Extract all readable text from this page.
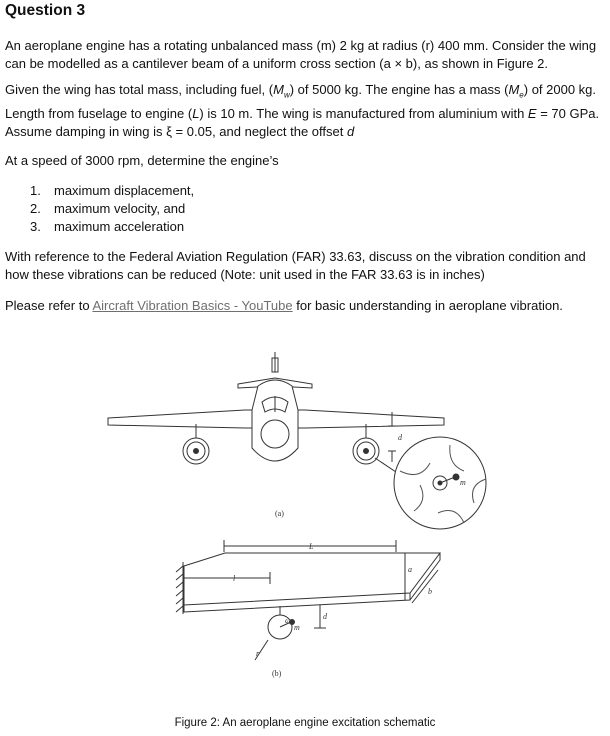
Question 3

An aeroplane engine has a rotating unbalanced mass (m) 2 kg at radius (r) 400 mm. Consider the wing can be modelled as a cantilever beam of a uniform cross section (a × b), as shown in Figure 2.

Given the wing has total mass, including fuel, $(M_w)$ of 5000 kg. The engine has a mass $(M_e)$ of 2000 kg. Length from fuselage to engine (L) is 10 m. The wing is manufactured from aluminium with E = 70 GPa. Assume damping in wing is ξ = 0.05, and neglect the offset d

At a speed of 3000 rpm, determine the engine’s

1. maximum displacement,
2. maximum velocity, and
3. maximum acceleration

With reference to the Federal Aviation Regulation (FAR) 33.63, discuss on the vibration condition and how these vibrations can be reduced (Note: unit used in the FAR 33.63 is in inches)

Please refer to Aircraft Vibration Basics - YouTube for basic understanding in aeroplane vibration.

(a)
d
m
L
l
a
b
d
ω
m
r
(b)
Figure 2: An aeroplane engine excitation schematic
